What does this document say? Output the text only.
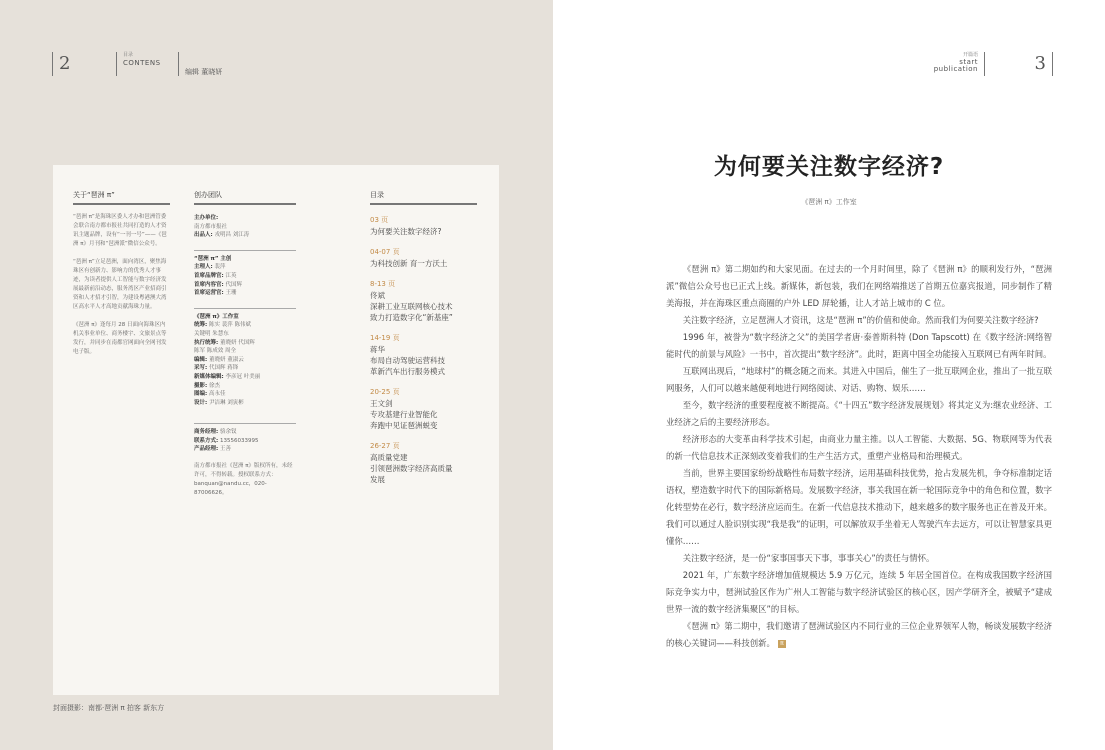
2	目录
CONTENS
编辑 董晓妍
关于“琶洲 π”
“琶洲 π”是海珠区委人才办和琶洲管委会联合南方都市报社共同打造的人才资讯主题品牌，设有“一刊一号”——《琶洲 π》月刊和“琶洲派”微信公众号。
“琶洲 π”立足琶洲，面向湾区，聚焦海珠区有创新力、影响力的优秀人才事迹，为读者提供人工智能与数字经济发展最新前沿动态，服务湾区产业招商引资和人才招才引智，为建设粤港澳大湾区高水平人才高地贡献海珠力量。
《琶洲 π》逢每月 28 日面向海珠区内机关事业单位、商务楼宇、文旅景点等发行，并同步在南都官网面向全网刊发电子版。
创办团队
主办单位:
南方都市报社
出品人: 戎明昌 刘江涛
“琶洲 π” 主创
主理人: 裴萍
首席品牌官: 江英
首席内容官: 代国辉
首席运营官: 王珊
《琶洲 π》工作室
统筹: 陈实 裴萍 陈伟斌
关键明 朱慧东
执行统筹: 董晓妍 代国辉
陈军 陈成效 周全
编辑: 董晓妍 董淑云
采写: 代国辉 蒋锋
新媒体编辑: 李彦冠 叶美丽
摄影: 徐杰
图编: 高永佳
设计: 尹洁琳 刘寅彬
商务经理: 骆余钗
联系方式: 13556033995
产品经理: 王善
南方都市报社《琶洲 π》版权所有，未经许可，不得转载。授权联系方式：banquan@nandu.cc，020-87006626。
目录
03 页
为何要关注数字经济?
04-07 页
为科技创新 育一方沃土
8-13 页
佟斌
深耕工业互联网核心技术
致力打造数字化“新基座”
14-19 页
蒋华
布局自动驾驶运营科技
革新汽车出行服务模式
20-25 页
王文剑
专攻基建行业智能化
奔跑中见证琶洲蜕变
26-27 页
高质量党建
引领琶洲数字经济高质量
发展
封面摄影：南都·琶洲 π 拍客 新东方
开篇语
start
publication	3
为何要关注数字经济?
《琶洲 π》工作室

《琶洲 π》第二期如约和大家见面。在过去的一个月时间里，除了《琶洲 π》的顺利发行外，“琶洲派”微信公众号也已正式上线。新媒体，新包装，我们在网络端推送了首期五位嘉宾报道，同步制作了精美海报，并在海珠区重点商圈的户外 LED 屏轮播，让人才站上城市的 C 位。

关注数字经济，立足琶洲人才资讯，这是“琶洲 π”的价值和使命。然而我们为何要关注数字经济?

1996 年，被誉为“数字经济之父”的美国学者唐·泰普斯科特 (Don Tapscott) 在《数字经济:网络智能时代的前景与风险》一书中，首次提出“数字经济”。此时，距离中国全功能接入互联网已有两年时间。

互联网出现后，“地球村”的概念随之而来。其进入中国后，催生了一批互联网企业，推出了一批互联网服务，人们可以越来越便利地进行网络阅读、对话、购物、娱乐……

至今，数字经济的重要程度被不断提高。《“十四五”数字经济发展规划》将其定义为:继农业经济、工业经济之后的主要经济形态。

经济形态的大变革由科学技术引起，由商业力量主推。以人工智能、大数据、5G、物联网等为代表的新一代信息技术正深刻改变着我们的生产生活方式，重塑产业格局和治理模式。

当前，世界主要国家纷纷战略性布局数字经济，运用基础科技优势，抢占发展先机，争夺标准制定话语权，塑造数字时代下的国际新格局。发展数字经济，事关我国在新一轮国际竞争中的角色和位置，数字化转型势在必行，数字经济应运而生。在新一代信息技术推动下，越来越多的数字服务也正在普及开来。我们可以通过人脸识别实现“我是我”的证明，可以解放双手坐着无人驾驶汽车去远方，可以让智慧家具更懂你……

关注数字经济，是一份“家事国事天下事，事事关心”的责任与情怀。

2021 年，广东数字经济增加值规模达 5.9 万亿元，连续 5 年居全国首位。在构成我国数字经济国际竞争实力中，琶洲试验区作为广州人工智能与数字经济试验区的核心区，因产学研齐全，被赋予“建成世界一流的数字经济集聚区”的目标。

《琶洲 π》第二期中，我们邀请了琶洲试验区内不同行业的三位企业界领军人物，畅谈发展数字经济的核心关键词——科技创新。 π
